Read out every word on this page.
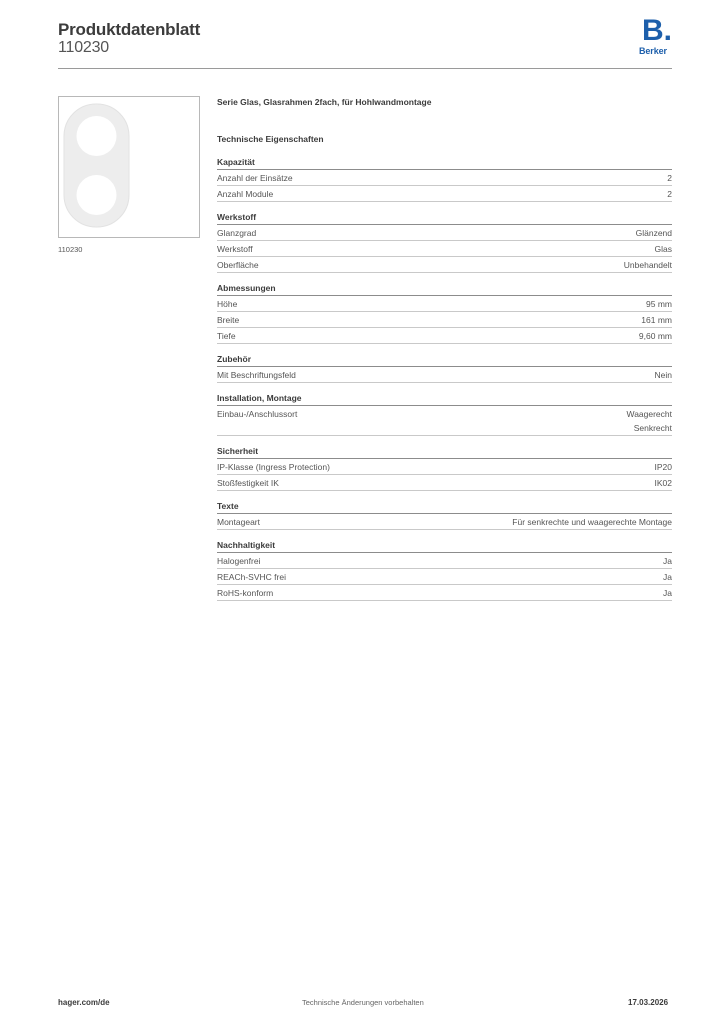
Produktdatenblatt
110230
B.
Berker
110230
Serie Glas, Glasrahmen 2fach, für Hohlwandmontage
Technische Eigenschaften
Kapazität
Anzahl der Einsätze	2
Anzahl Module	2
Werkstoff
Glanzgrad	Glänzend
Werkstoff	Glas
Oberfläche	Unbehandelt
Abmessungen
Höhe	95 mm
Breite	161 mm
Tiefe	9,60 mm
Zubehör
Mit Beschriftungsfeld	Nein
Installation, Montage
Einbau-/Anschlussort	Waagerecht
Senkrecht
Sicherheit
IP-Klasse (Ingress Protection)	IP20
Stoßfestigkeit IK	IK02
Texte
Montageart	Für senkrechte und waagerechte Montage
Nachhaltigkeit
Halogenfrei	Ja
REACh-SVHC frei	Ja
RoHS-konform	Ja
hager.com/de	Technische Änderungen vorbehalten	17.03.2026
